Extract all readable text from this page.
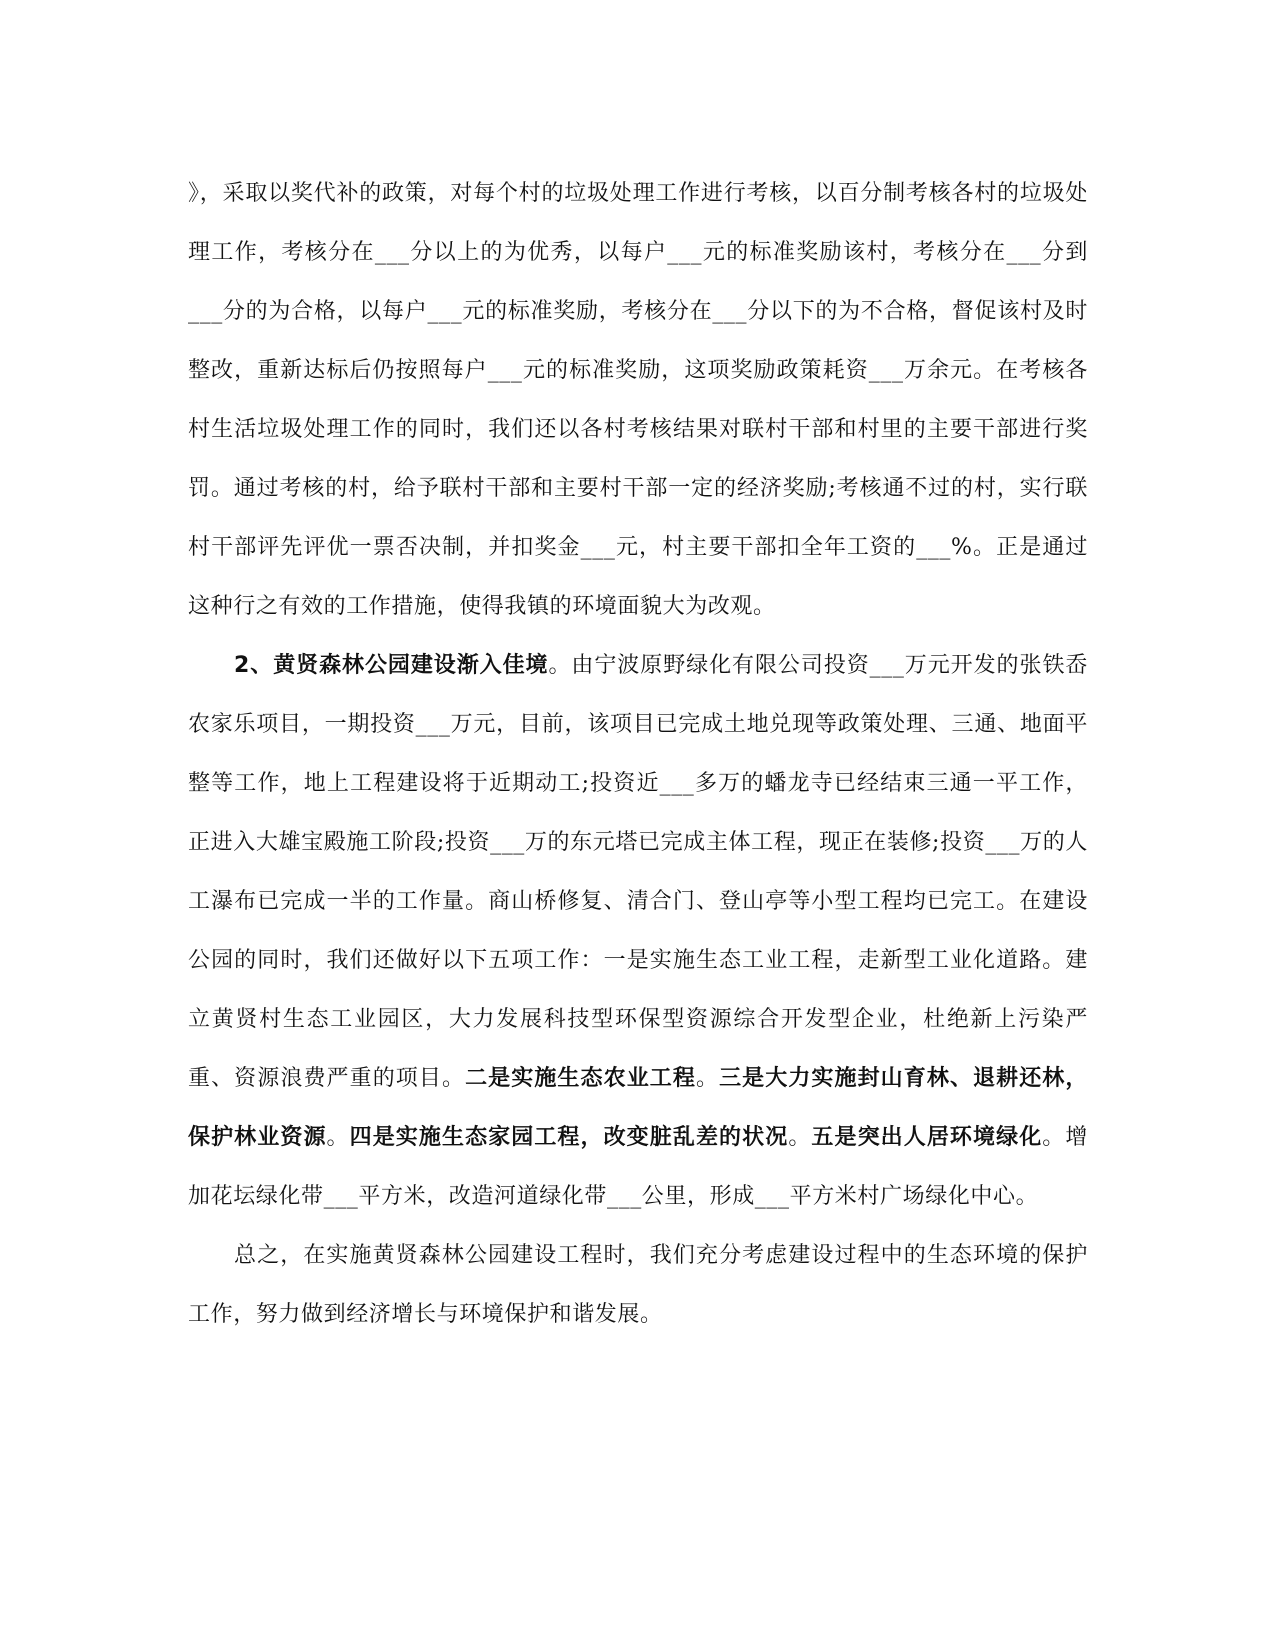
》，采取以奖代补的政策，对每个村的垃圾处理工作进行考核，以百分制考核各村的垃圾处理工作，考核分在___分以上的为优秀，以每户___元的标准奖励该村，考核分在___分到___分的为合格，以每户___元的标准奖励，考核分在___分以下的为不合格，督促该村及时整改，重新达标后仍按照每户___元的标准奖励，这项奖励政策耗资___万余元。在考核各村生活垃圾处理工作的同时，我们还以各村考核结果对联村干部和村里的主要干部进行奖罚。通过考核的村，给予联村干部和主要村干部一定的经济奖励;考核通不过的村，实行联村干部评先评优一票否决制，并扣奖金___元，村主要干部扣全年工资的___%。正是通过这种行之有效的工作措施，使得我镇的环境面貌大为改观。

2、黄贤森林公园建设渐入佳境。由宁波原野绿化有限公司投资___万元开发的张铁岙农家乐项目，一期投资___万元，目前，该项目已完成土地兑现等政策处理、三通、地面平整等工作，地上工程建设将于近期动工;投资近___多万的蟠龙寺已经结束三通一平工作，正进入大雄宝殿施工阶段;投资___万的东元塔已完成主体工程，现正在装修;投资___万的人工瀑布已完成一半的工作量。商山桥修复、清合门、登山亭等小型工程均已完工。在建设公园的同时，我们还做好以下五项工作：一是实施生态工业工程，走新型工业化道路。建立黄贤村生态工业园区，大力发展科技型环保型资源综合开发型企业，杜绝新上污染严重、资源浪费严重的项目。二是实施生态农业工程。三是大力实施封山育林、退耕还林，保护林业资源。四是实施生态家园工程，改变脏乱差的状况。五是突出人居环境绿化。增加花坛绿化带___平方米，改造河道绿化带___公里，形成___平方米村广场绿化中心。

总之，在实施黄贤森林公园建设工程时，我们充分考虑建设过程中的生态环境的保护工作，努力做到经济增长与环境保护和谐发展。
